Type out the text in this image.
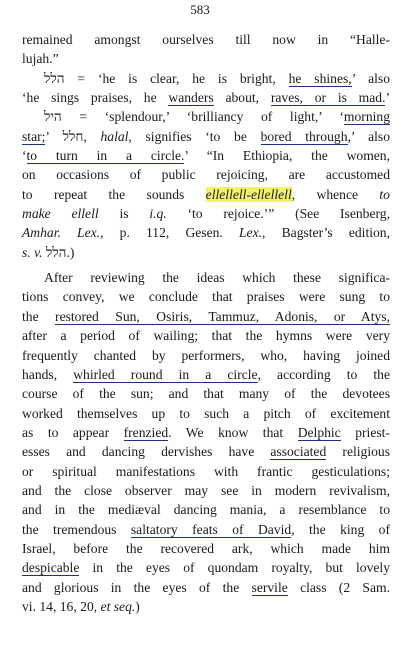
583
remained amongst ourselves till now in “Halle-
lujah.”
הלל = ‘he is clear, he is bright, he shines,’ also
‘he sings praises, he wanders about, raves, or is mad.’
היל = ‘splendour,’ ‘brilliancy of light,’ ‘morning
star;’ חלל, halal, signifies ‘to be bored through,’ also
‘to turn in a circle.’ “In Ethiopia, the women,
on occasions of public rejoicing, are accustomed
to repeat the sounds ellellell-ellellell, whence to
make ellell is i.q. ‘to rejoice.’” (See Isenberg,
Amhar. Lex., p. 112, Gesen. Lex., Bagster’s edition,
s. v. הלל.)
After reviewing the ideas which these significa-
tions convey, we conclude that praises were sung to
the restored Sun, Osiris, Tammuz, Adonis, or Atys,
after a period of wailing; that the hymns were very
frequently chanted by performers, who, having joined
hands, whirled round in a circle, according to the
course of the sun; and that many of the devotees
worked themselves up to such a pitch of excitement
as to appear frenzied. We know that Delphic priest-
esses and dancing dervishes have associated religious
or spiritual manifestations with frantic gesticulations;
and the close observer may see in modern revivalism,
and in the mediæval dancing mania, a resemblance to
the tremendous saltatory feats of David, the king of
Israel, before the recovered ark, which made him
despicable in the eyes of quondam royalty, but lovely
and glorious in the eyes of the servile class (2 Sam.
vi. 14, 16, 20, et seq.)
